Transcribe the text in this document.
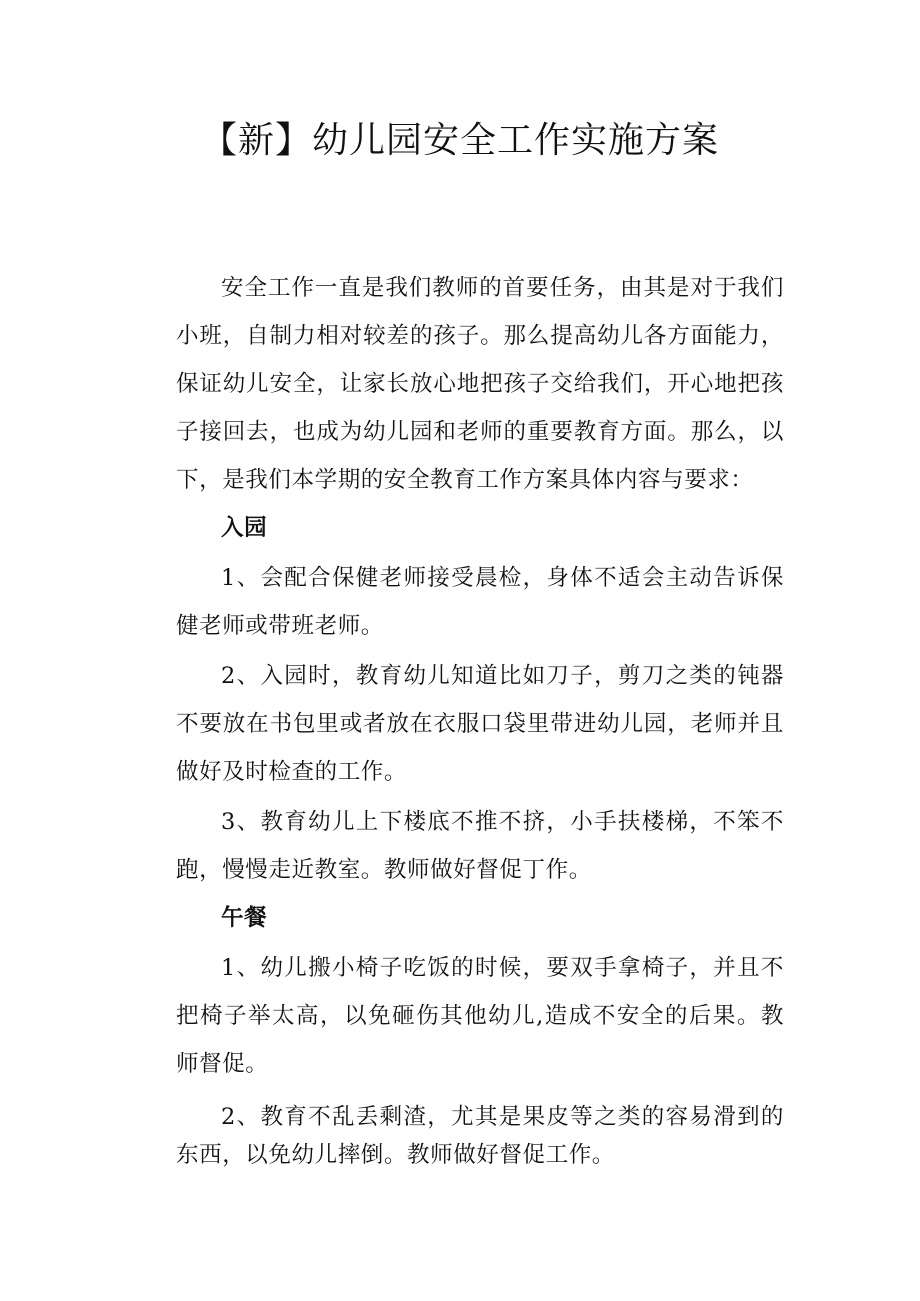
【新】幼儿园安全工作实施方案

安全工作一直是我们教师的首要任务，由其是对于我们小班，自制力相对较差的孩子。那么提高幼儿各方面能力，保证幼儿安全，让家长放心地把孩子交给我们，开心地把孩子接回去，也成为幼儿园和老师的重要教育方面。那么，以下，是我们本学期的安全教育工作方案具体内容与要求：

入园

1、会配合保健老师接受晨检，身体不适会主动告诉保健老师或带班老师。

2、入园时，教育幼儿知道比如刀子，剪刀之类的钝器不要放在书包里或者放在衣服口袋里带进幼儿园，老师并且做好及时检查的工作。

3、教育幼儿上下楼底不推不挤，小手扶楼梯，不笨不跑，慢慢走近教室。教师做好督促丁作。

午餐

1、幼儿搬小椅子吃饭的时候，要双手拿椅子，并且不把椅子举太高，以免砸伤其他幼儿,造成不安全的后果。教师督促。

2、教育不乱丢剩渣，尤其是果皮等之类的容易滑到的东西，以免幼儿摔倒。教师做好督促工作。
